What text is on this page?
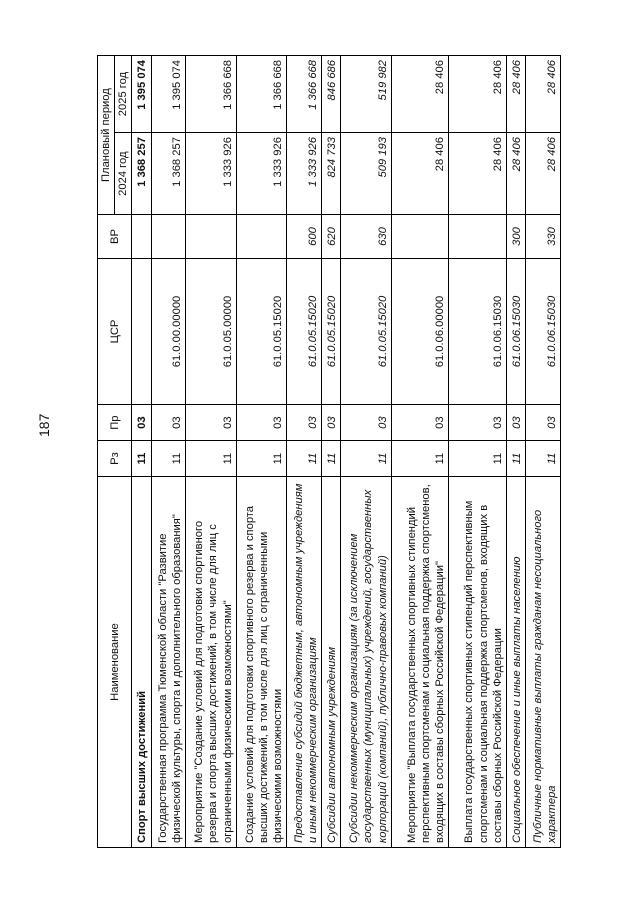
187
Наименование	Рз	Пр	ЦСР	ВР	Плановый период	
					2024 год	2025 год
Спорт высших достижений	11	03			1 368 257	1 395 074
Государственная программа Тюменской области "Развитие физической культуры, спорта и дополнительного образования"	11	03	61.0.00.00000		1 368 257	1 395 074
Мероприятие "Создание условий для подготовки спортивного резерва и спорта высших достижений, в том числе для лиц с ограниченными физическими возможностями"	11	03	61.0.05.00000		1 333 926	1 366 668
Создание условий для подготовки спортивного резерва и спорта высших достижений, в том числе для лиц с ограниченными физическими возможностями	11	03	61.0.05.15020		1 333 926	1 366 668
Предоставление субсидий бюджетным, автономным учреждениям и иным некоммерческим организациям	11	03	61.0.05.15020	600	1 333 926	1 366 668
Субсидии автономным учреждениям	11	03	61.0.05.15020	620	824 733	846 686
Субсидии некоммерческим организациям (за исключением государственных (муниципальных) учреждений, государственных корпораций (компаний), публично-правовых компаний)	11	03	61.0.05.15020	630	509 193	519 982
Мероприятие "Выплата государственных спортивных стипендий перспективным спортсменам и социальная поддержка спортсменов, входящих в составы сборных Российской Федерации"	11	03	61.0.06.00000		28 406	28 406
Выплата государственных спортивных стипендий перспективным спортсменам и социальная поддержка спортсменов, входящих в составы сборных Российской Федерации	11	03	61.0.06.15030		28 406	28 406
Социальное обеспечение и иные выплаты населению	11	03	61.0.06.15030	300	28 406	28 406
Публичные нормативные выплаты гражданам несоциального характера	11	03	61.0.06.15030	330	28 406	28 406
